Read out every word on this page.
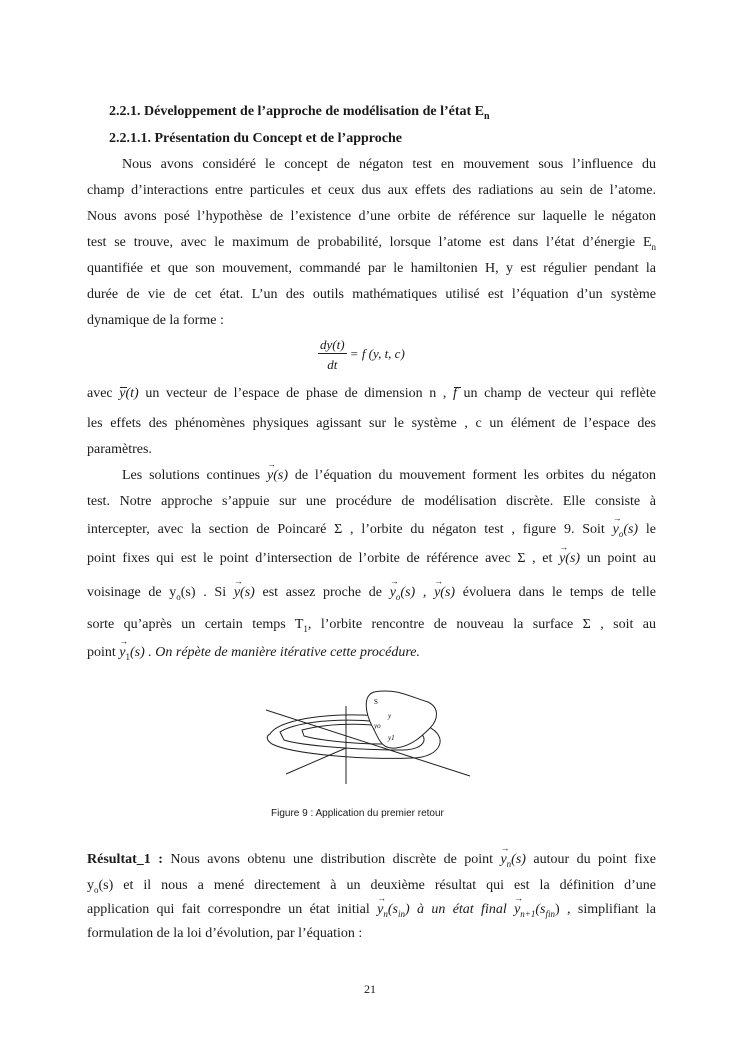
2.2.1. Développement de l’approche de modélisation de l’état $E_n$
2.2.1.1. Présentation du Concept et de l’approche
Nous avons considéré le concept de négaton test en mouvement sous l’influence du
champ d’interactions entre particules et ceux dus aux effets des radiations au sein de l’atome.
Nous avons posé l’hypothèse de l’existence d’une orbite de référence sur laquelle le négaton
test se trouve, avec le maximum de probabilité, lorsque l’atome est dans l’état d’énergie $E_n$
quantifiée et que son mouvement, commandé par le hamiltonien H, y est régulier pendant la
durée de vie de cet état. L’un des outils mathématiques utilisé est l’équation d’un système
dynamique de la forme :
$\frac{dy(t)}{dt} = f$ (y, t, c)
avec y(t) un vecteur de l’espace de phase de dimension n , f un champ de vecteur qui reflète
les effets des phénomènes physiques agissant sur le système , c un élément de l’espace des
paramètres.
Les solutions continues → y(s) de l’équation du mouvement forment les orbites du négaton
test. Notre approche s’appuie sur une procédure de modélisation discrète. Elle consiste à
intercepter, avec la section de Poincaré Σ , l’orbite du négaton test , figure 9. Soit → $y_o(s)$ le
point fixes qui est le point d’intersection de l’orbite de référence avec Σ , et → y(s) un point au
voisinage de $y_o(s)$ . Si → y(s) est assez proche de → $y_o(s)$ , → y(s) évoluera dans le temps de telle
sorte qu’après un certain temps $T_1$, l’orbite rencontre de nouveau la surface Σ , soit au
point → $y_1(s)$ . On répète de manière itérative cette procédure.
S
y
yo
y1
Figure 9 : Application du premier retour
Résultat_1 : Nous avons obtenu une distribution discrète de point → $y_n(s)$ autour du point fixe
$y_o(s)$ et il nous a mené directement à un deuxième résultat qui est la définition d’une
application qui fait correspondre un état initial → $y_n(s_{in})$ à un état final → $y_{n+1}(s_{fin})$ , simplifiant la
formulation de la loi d’évolution, par l’équation :
21
